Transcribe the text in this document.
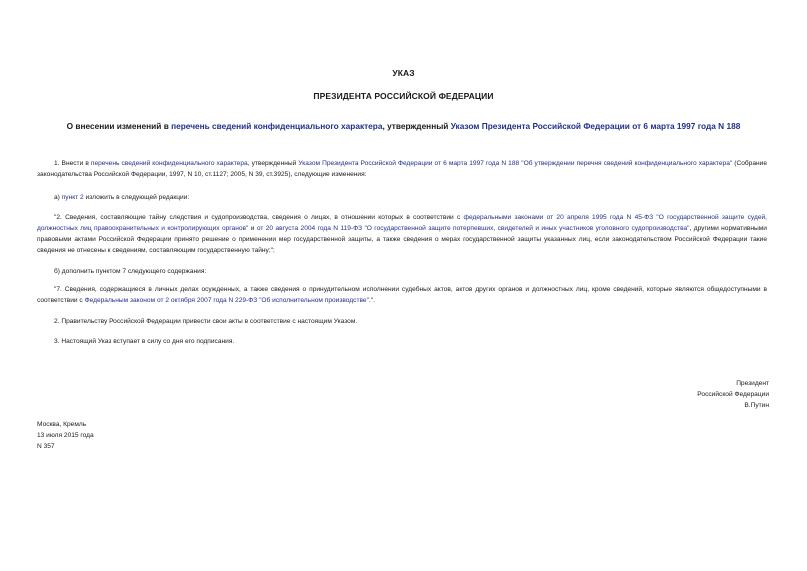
УКАЗ
ПРЕЗИДЕНТА РОССИЙСКОЙ ФЕДЕРАЦИИ
О внесении изменений в перечень сведений конфиденциального характера, утвержденный Указом Президента Российской Федерации от 6 марта 1997 года N 188
1. Внести в перечень сведений конфиденциального характера, утвержденный Указом Президента Российской Федерации от 6 марта 1997 года N 188 "Об утверждении перечня сведений конфиденциального характера" (Собрание законодательства Российской Федерации, 1997, N 10, ст.1127; 2005, N 39, ст.3925), следующие изменения:
а) пункт 2 изложить в следующей редакции:
"2. Сведения, составляющие тайну следствия и судопроизводства, сведения о лицах, в отношении которых в соответствии с федеральными законами от 20 апреля 1995 года N 45-ФЗ "О государственной защите судей, должностных лиц правоохранительных и контролирующих органов" и от 20 августа 2004 года N 119-ФЗ "О государственной защите потерпевших, свидетелей и иных участников уголовного судопроизводства", другими нормативными правовыми актами Российской Федерации принято решение о применении мер государственной защиты, а также сведения о мерах государственной защиты указанных лиц, если законодательством Российской Федерации такие сведения не отнесены к сведениям, составляющим государственную тайну;";
б) дополнить пунктом 7 следующего содержания:
"7. Сведения, содержащиеся в личных делах осужденных, а также сведения о принудительном исполнении судебных актов, актов других органов и должностных лиц, кроме сведений, которые являются общедоступными в соответствии с Федеральным законом от 2 октября 2007 года N 229-ФЗ "Об исполнительном производстве".".
2. Правительству Российской Федерации привести свои акты в соответствие с настоящим Указом.
3. Настоящий Указ вступает в силу со дня его подписания.
Президент
Российской Федерации
В.Путин
Москва, Кремль
13 июля 2015 года
N 357
